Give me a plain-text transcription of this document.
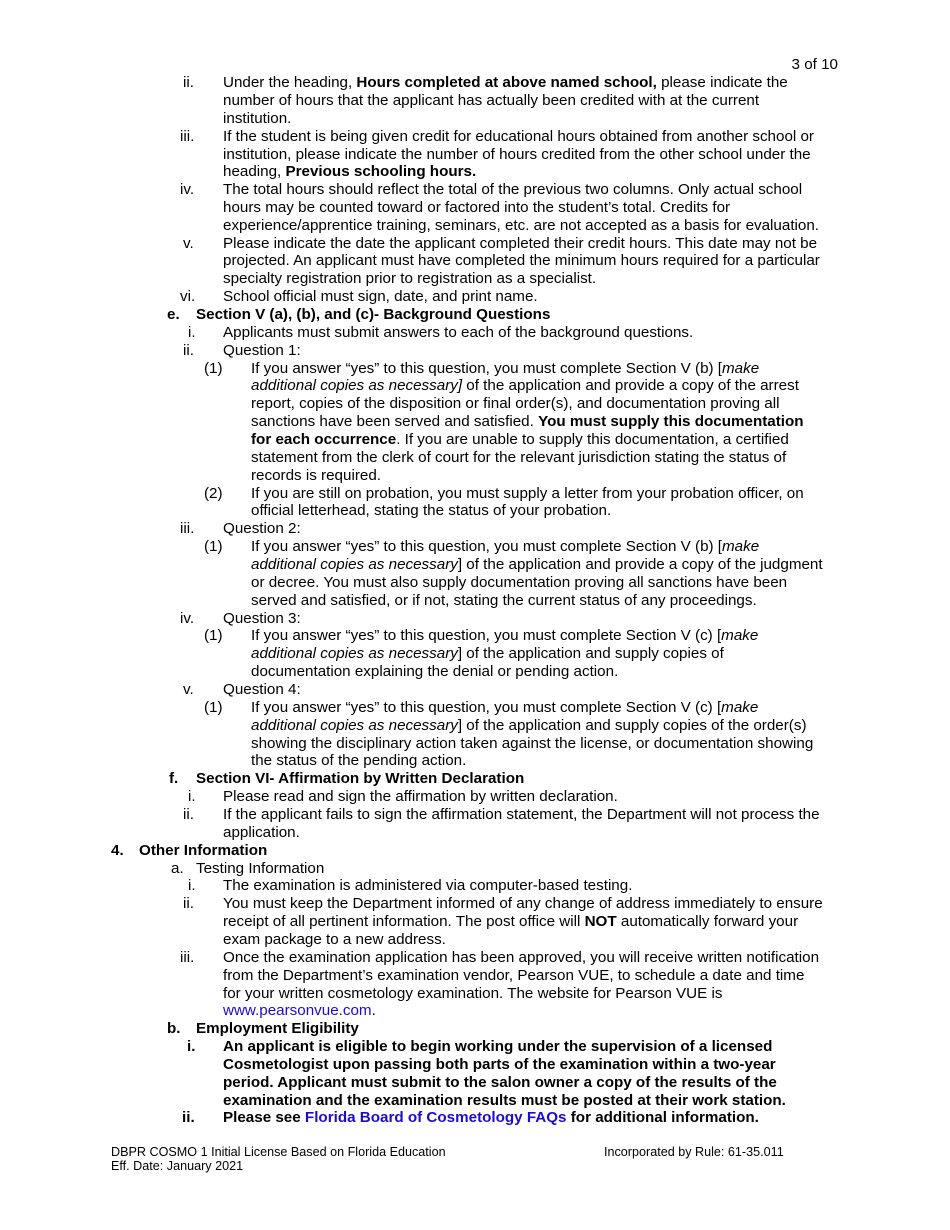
3 of 10
ii. Under the heading, Hours completed at above named school, please indicate the
number of hours that the applicant has actually been credited with at the current
institution.
iii. If the student is being given credit for educational hours obtained from another school or
institution, please indicate the number of hours credited from the other school under the
heading, Previous schooling hours.
iv. The total hours should reflect the total of the previous two columns. Only actual school
hours may be counted toward or factored into the student’s total. Credits for
experience/apprentice training, seminars, etc. are not accepted as a basis for evaluation.
v. Please indicate the date the applicant completed their credit hours. This date may not be
projected. An applicant must have completed the minimum hours required for a particular
specialty registration prior to registration as a specialist.
vi. School official must sign, date, and print name.
e. Section V (a), (b), and (c)- Background Questions
i. Applicants must submit answers to each of the background questions.
ii. Question 1:
(1) If you answer “yes” to this question, you must complete Section V (b) [make
additional copies as necessary] of the application and provide a copy of the arrest
report, copies of the disposition or final order(s), and documentation proving all
sanctions have been served and satisfied. You must supply this documentation
for each occurrence. If you are unable to supply this documentation, a certified
statement from the clerk of court for the relevant jurisdiction stating the status of
records is required.
(2) If you are still on probation, you must supply a letter from your probation officer, on
official letterhead, stating the status of your probation.
iii. Question 2:
(1) If you answer “yes” to this question, you must complete Section V (b) [make
additional copies as necessary] of the application and provide a copy of the judgment
or decree. You must also supply documentation proving all sanctions have been
served and satisfied, or if not, stating the current status of any proceedings.
iv. Question 3:
(1) If you answer “yes” to this question, you must complete Section V (c) [make
additional copies as necessary] of the application and supply copies of
documentation explaining the denial or pending action.
v. Question 4:
(1) If you answer “yes” to this question, you must complete Section V (c) [make
additional copies as necessary] of the application and supply copies of the order(s)
showing the disciplinary action taken against the license, or documentation showing
the status of the pending action.
f. Section VI- Affirmation by Written Declaration
i. Please read and sign the affirmation by written declaration.
ii. If the applicant fails to sign the affirmation statement, the Department will not process the
application.
4. Other Information
a. Testing Information
i. The examination is administered via computer-based testing.
ii. You must keep the Department informed of any change of address immediately to ensure
receipt of all pertinent information. The post office will NOT automatically forward your
exam package to a new address.
iii. Once the examination application has been approved, you will receive written notification
from the Department’s examination vendor, Pearson VUE, to schedule a date and time
for your written cosmetology examination. The website for Pearson VUE is
www.pearsonvue.com.
b. Employment Eligibility
i. An applicant is eligible to begin working under the supervision of a licensed
Cosmetologist upon passing both parts of the examination within a two-year
period. Applicant must submit to the salon owner a copy of the results of the
examination and the examination results must be posted at their work station.
ii. Please see Florida Board of Cosmetology FAQs for additional information.
DBPR COSMO 1 Initial License Based on Florida Education
Eff. Date: January 2021
Incorporated by Rule: 61-35.011
